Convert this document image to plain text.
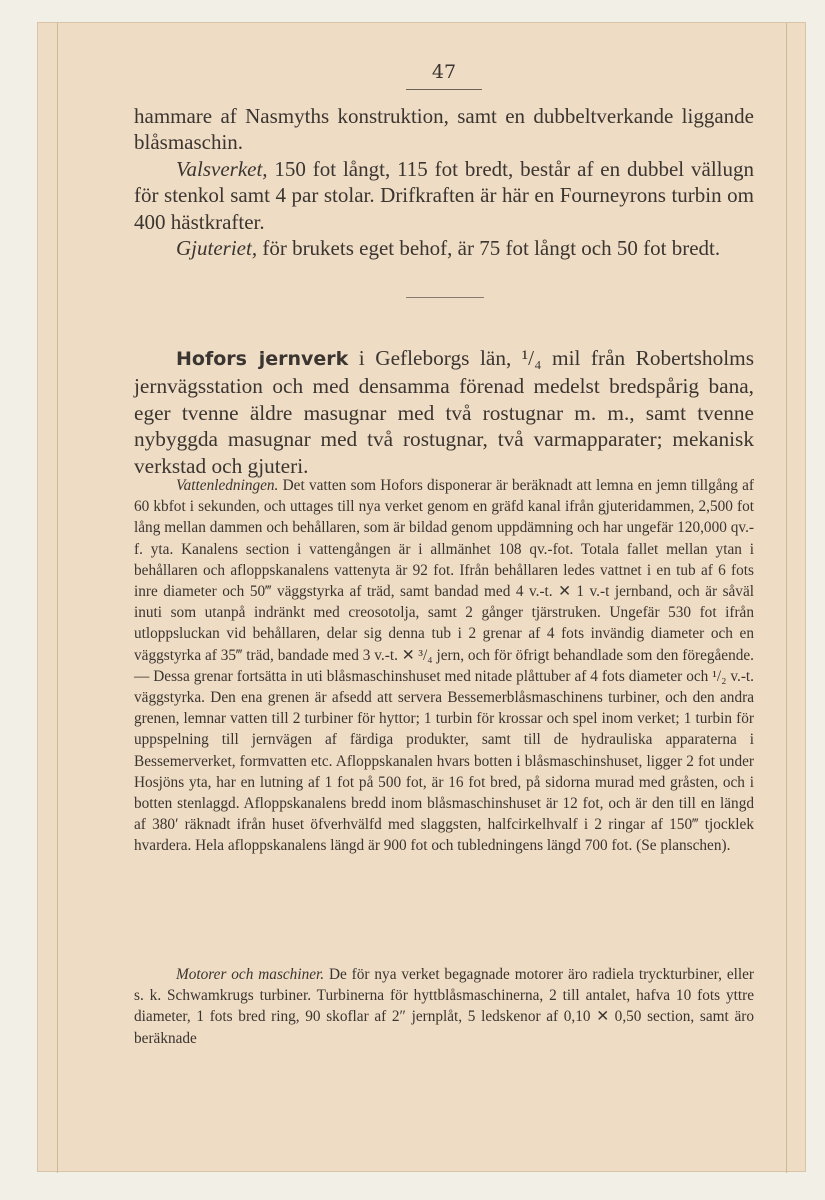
47

hammare af Nasmyths konstruktion, samt en dubbeltverkande liggande blåsmaschin.

Valsverket, 150 fot långt, 115 fot bredt, består af en dubbel vällugn för stenkol samt 4 par stolar. Drifkraften är här en Fourneyrons turbin om 400 hästkrafter.

Gjuteriet, för brukets eget behof, är 75 fot långt och 50 fot bredt.

Hofors jernverk i Gefleborgs län, ¹/₄ mil från Robertsholms jernvägsstation och med densamma förenad medelst bredspårig bana, eger tvenne äldre masugnar med två rostugnar m. m., samt tvenne nybyggda masugnar med två rostugnar, två varmapparater; mekanisk verkstad och gjuteri.

Vattenledningen. Det vatten som Hofors disponerar är beräknadt att lemna en jemn tillgång af 60 kbfot i sekunden, och uttages till nya verket genom en gräfd kanal ifrån gjuteridammen, 2,500 fot lång mellan dammen och behållaren, som är bildad genom uppdämning och har ungefär 120,000 qv.-f. yta. Kanalens section i vattengången är i allmänhet 108 qv.-fot. Totala fallet mellan ytan i behållaren och afloppskanalens vattenyta är 92 fot. Ifrån behållaren ledes vattnet i en tub af 6 fots inre diameter och 50‴ väggstyrka af träd, samt bandad med 4 v.-t. ✕ 1 v.-t jernband, och är såväl inuti som utanpå indränkt med creosotolja, samt 2 gånger tjärstruken. Ungefär 530 fot ifrån utloppsluckan vid behållaren, delar sig denna tub i 2 grenar af 4 fots invändig diameter och en väggstyrka af 35‴ träd, bandade med 3 v.-t. ✕ ³/₄ jern, och för öfrigt behandlade som den föregående. — Dessa grenar fortsätta in uti blåsmaschinshuset med nitade plåttuber af 4 fots diameter och ¹/₂ v.-t. väggstyrka. Den ena grenen är afsedd att servera Bessemerblåsmaschinens turbiner, och den andra grenen, lemnar vatten till 2 turbiner för hyttor; 1 turbin för krossar och spel inom verket; 1 turbin för uppspelning till jernvägen af färdiga produkter, samt till de hydrauliska apparaterna i Bessemerverket, formvatten etc. Afloppskanalen hvars botten i blåsmaschinshuset, ligger 2 fot under Hosjöns yta, har en lutning af 1 fot på 500 fot, är 16 fot bred, på sidorna murad med gråsten, och i botten stenlaggd. Afloppskanalens bredd inom blåsmaschinshuset är 12 fot, och är den till en längd af 380′ räknadt ifrån huset öfverhvälfd med slaggsten, halfcirkelhvalf i 2 ringar af 150‴ tjocklek hvardera. Hela afloppskanalens längd är 900 fot och tubledningens längd 700 fot. (Se planschen).

Motorer och maschiner. De för nya verket begagnade motorer äro radiela tryckturbiner, eller s. k. Schwamkrugs turbiner. Turbinerna för hyttblåsmaschinerna, 2 till antalet, hafva 10 fots yttre diameter, 1 fots bred ring, 90 skoflar af 2″ jernplåt, 5 ledskenor af 0,10 ✕ 0,50 section, samt äro beräknade
